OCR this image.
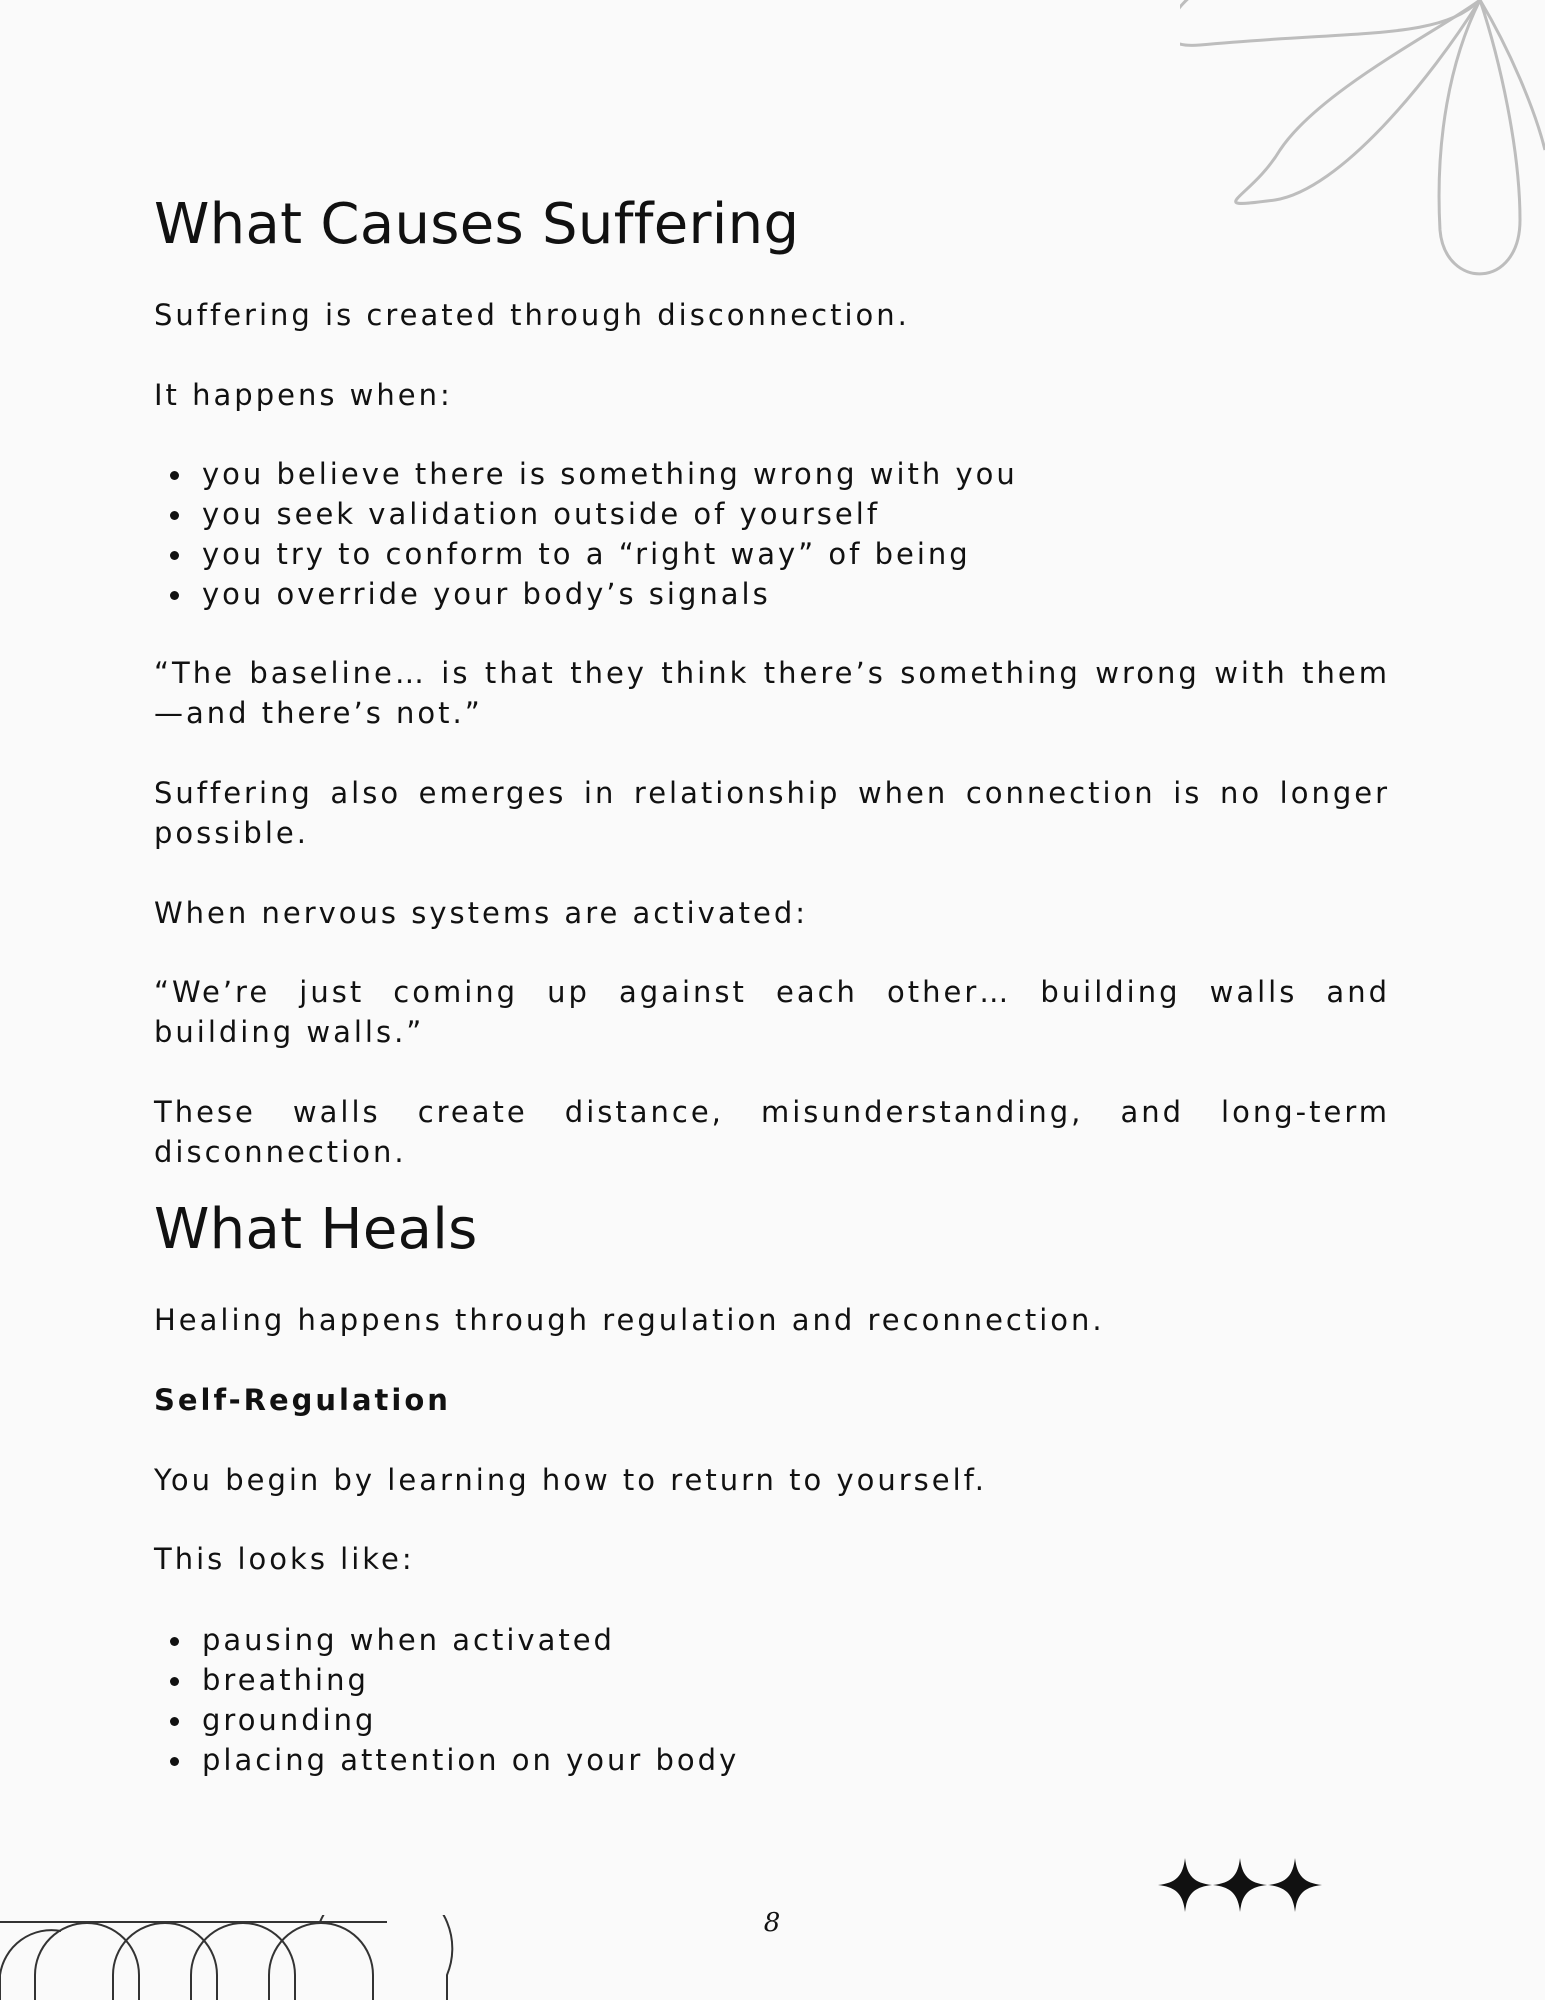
What Causes Suffering

Suffering is created through disconnection.

It happens when:

you believe there is something wrong with you
you seek validation outside of yourself
you try to conform to a “right way” of being
you override your body’s signals

“The baseline… is that they think there’s something wrong with them—and there’s not.”

Suffering also emerges in relationship when connection is no longer possible.

When nervous systems are activated:

“We’re just coming up against each other… building walls and building walls.”

These walls create distance, misunderstanding, and long-term disconnection.

What Heals

Healing happens through regulation and reconnection.

Self-Regulation

You begin by learning how to return to yourself.

This looks like:

pausing when activated
breathing
grounding
placing attention on your body
8
